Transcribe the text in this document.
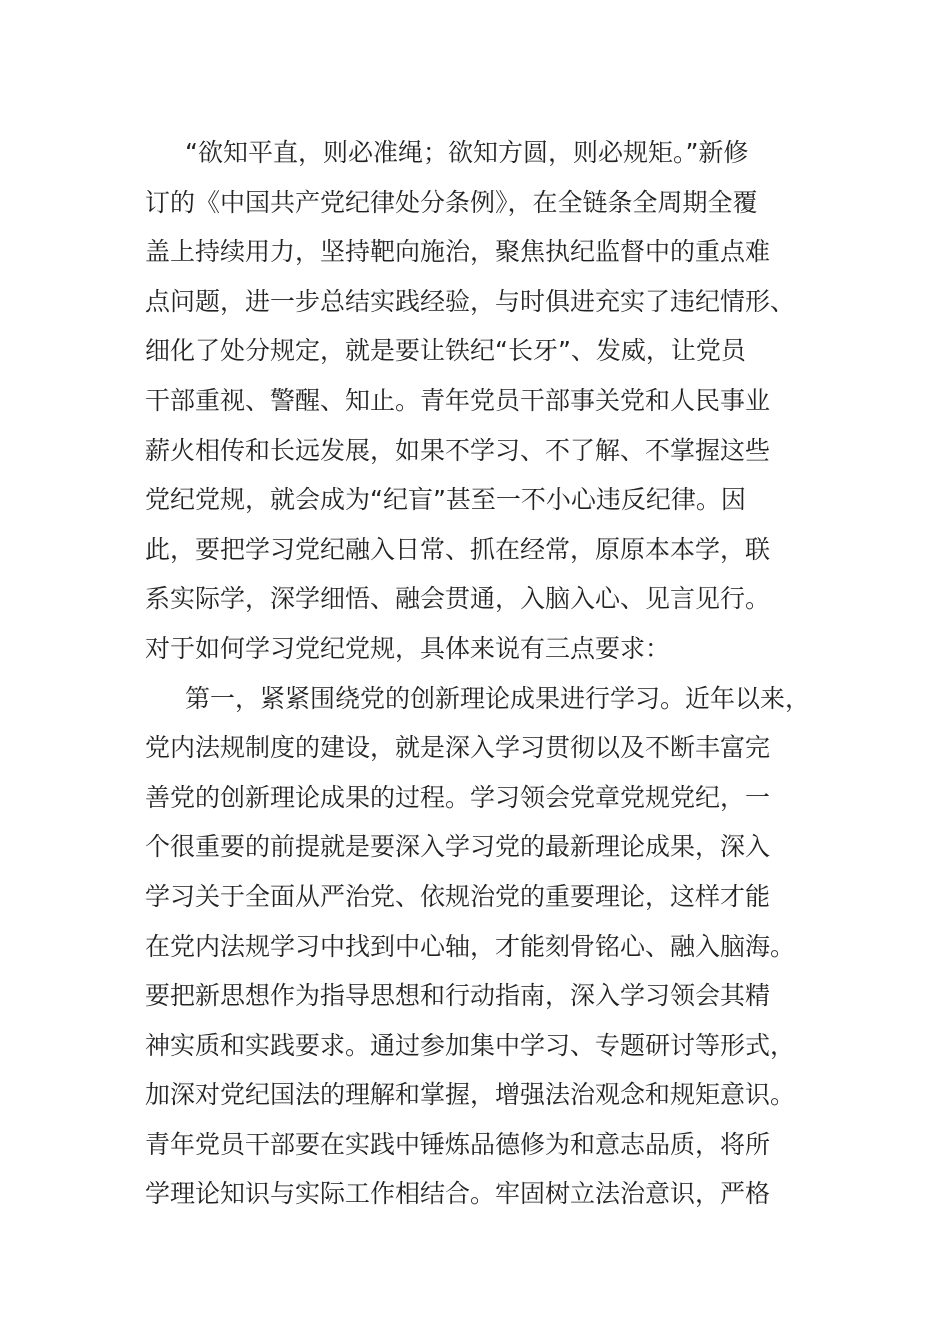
“欲知平直，则必准绳；欲知方圆，则必规矩。”新修
订的《中国共产党纪律处分条例》，在全链条全周期全覆
盖上持续用力，坚持靶向施治，聚焦执纪监督中的重点难
点问题，进一步总结实践经验，与时俱进充实了违纪情形、
细化了处分规定，就是要让铁纪“长牙”、发威，让党员
干部重视、警醒、知止。青年党员干部事关党和人民事业
薪火相传和长远发展，如果不学习、不了解、不掌握这些
党纪党规，就会成为“纪盲”甚至一不小心违反纪律。因
此，要把学习党纪融入日常、抓在经常，原原本本学，联
系实际学，深学细悟、融会贯通，入脑入心、见言见行。
对于如何学习党纪党规，具体来说有三点要求：
第一，紧紧围绕党的创新理论成果进行学习。近年以来，
党内法规制度的建设，就是深入学习贯彻以及不断丰富完
善党的创新理论成果的过程。学习领会党章党规党纪，一
个很重要的前提就是要深入学习党的最新理论成果，深入
学习关于全面从严治党、依规治党的重要理论，这样才能
在党内法规学习中找到中心轴，才能刻骨铭心、融入脑海。
要把新思想作为指导思想和行动指南，深入学习领会其精
神实质和实践要求。通过参加集中学习、专题研讨等形式，
加深对党纪国法的理解和掌握，增强法治观念和规矩意识。
青年党员干部要在实践中锤炼品德修为和意志品质，将所
学理论知识与实际工作相结合。牢固树立法治意识，严格
